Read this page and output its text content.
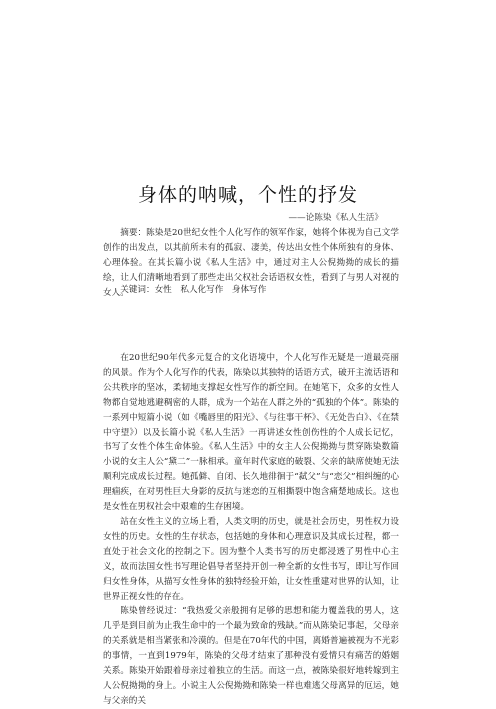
身体的呐喊，个性的抒发
——论陈染《私人生活》

摘要：陈染是20世纪女性个人化写作的领军作家，她将个体视为自己文学创作的出发点，以其前所未有的孤寂、凄美，传达出女性个体所独有的身体、心理体验。在其长篇小说《私人生活》中，通过对主人公倪拗拗的成长的描绘，让人们清晰地看到了那些走出父权社会话语权女性，看到了与男人对视的女人。

关键词：女性　私人化写作　身体写作

在20世纪90年代多元复合的文化语境中，个人化写作无疑是一道最亮丽的风景。作为个人化写作的代表，陈染以其独特的话语方式，破开主流话语和公共秩序的坚冰，柔韧地支撑起女性写作的新空间。在她笔下，众多的女性人物都自觉地逃避稠密的人群，成为一个站在人群之外的“孤独的个体”。陈染的一系列中短篇小说（如《嘴唇里的阳光》、《与往事干杯》、《无处告白》、《在禁中守望》）以及长篇小说《私人生活》一再讲述女性创伤性的个人成长记忆，书写了女性个体生命体验。《私人生活》中的女主人公倪拗拗与贯穿陈染数篇小说的女主人公“黛二”一脉相承。童年时代家庭的破裂、父亲的缺席使她无法顺利完成成长过程。她孤僻、自闭、长久地徘徊于“弑父”与“恋父”相纠缠的心理痼疾，在对男性巨大身影的反抗与迷恋的互相撕裂中饱含痛楚地成长。这也是女性在男权社会中艰难的生存困境。

站在女性主义的立场上看，人类文明的历史，就是社会历史，男性权力设女性的历史。女性的生存状态，包括她的身体和心理意识及其成长过程，都一直处于社会文化的控制之下。因为整个人类书写的历史都浸透了男性中心主义，故而法国女性书写理论倡导者坚持开创一种全新的女性书写，即让写作回归女性身体，从描写女性身体的独特经验开始，让女性重建对世界的认知，让世界正视女性的存在。

陈染曾经说过：“我热爱父亲般拥有足够的思想和能力覆盖我的男人，这几乎是到目前为止我生命中的一个最为致命的残缺。”而从陈染记事起，父母亲的关系就是相当紧张和冷漠的。但是在70年代的中国，离婚普遍被视为不光彩的事情，一直到1979年，陈染的父母才结束了那种没有爱情只有痛苦的婚姻关系。陈染开始跟着母亲过着独立的生活。而这一点，被陈染很好地转嫁到主人公倪拗拗的身上。小说主人公倪拗拗和陈染一样也难逃父母离异的厄运，她与父亲的关
